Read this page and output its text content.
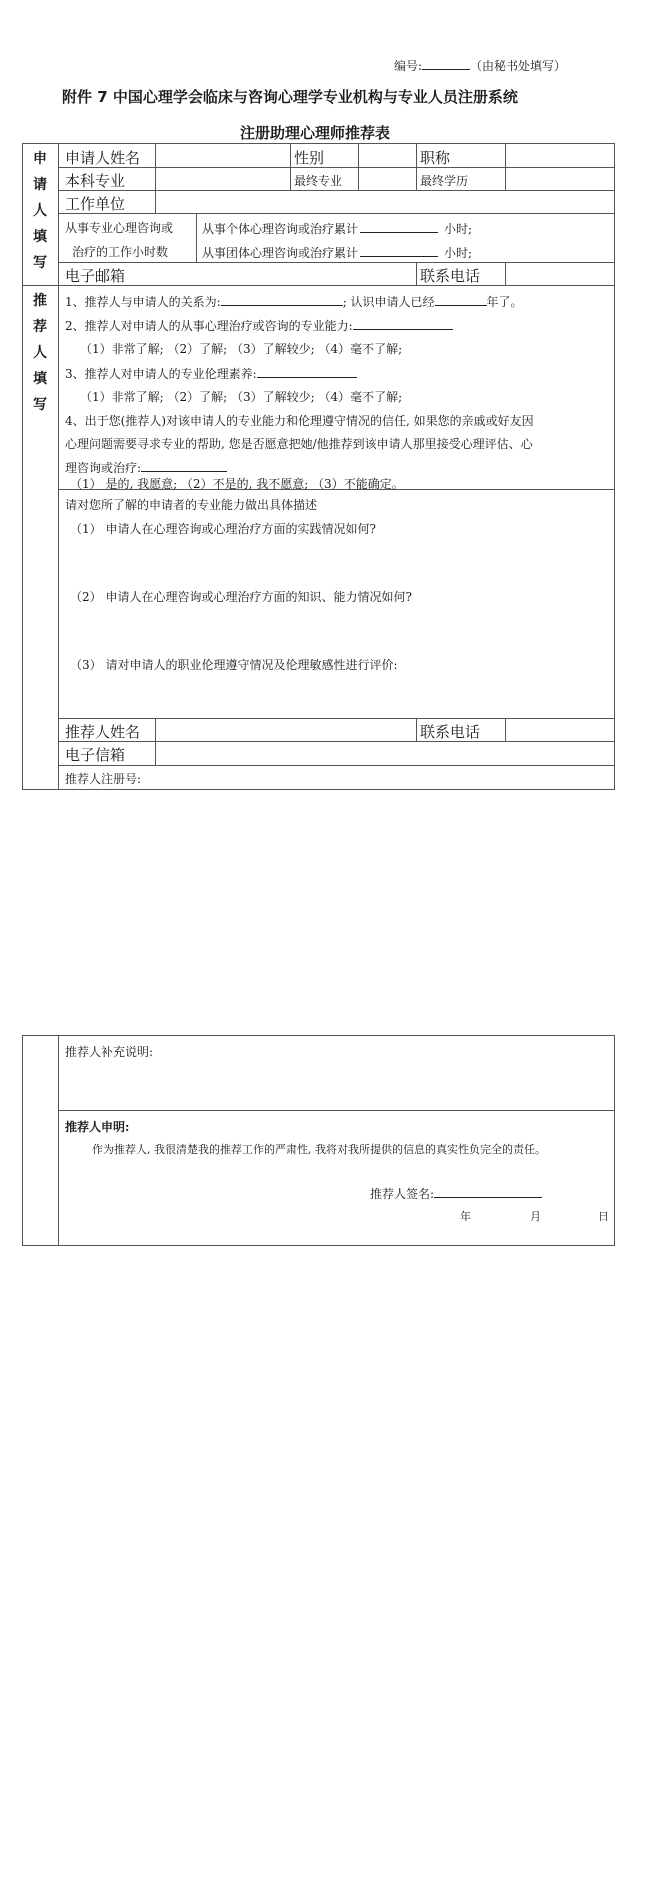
编号:	（由秘书处填写）
附件 7 中国心理学会临床与咨询心理学专业机构与专业人员注册系统
注册助理心理师推荐表
申
请
人
填
写
推
荐
人
填
写
申请人姓名	性别	职称
本科专业	最终专业	最终学历
工作单位
从事专业心理咨询或
治疗的工作小时数
从事个体心理咨询或治疗累计	小时;
从事团体心理咨询或治疗累计	小时;
电子邮箱	联系电话
1、推荐人与申请人的关系为:	; 认识申请人已经	年了。
2、推荐人对申请人的从事心理治疗或咨询的专业能力:
（1）非常了解; （2）了解; （3）了解较少; （4）毫不了解;
3、推荐人对申请人的专业伦理素养:
（1）非常了解; （2）了解; （3）了解较少; （4）毫不了解;
4、出于您(推荐人)对该申请人的专业能力和伦理遵守情况的信任, 如果您的亲戚或好友因
心理问题需要寻求专业的帮助, 您是否愿意把她/他推荐到该申请人那里接受心理评估、心
理咨询或治疗:
（1） 是的, 我愿意; （2）不是的, 我不愿意; （3）不能确定。
请对您所了解的申请者的专业能力做出具体描述
（1） 申请人在心理咨询或心理治疗方面的实践情况如何?
（2） 申请人在心理咨询或心理治疗方面的知识、能力情况如何?
（3） 请对申请人的职业伦理遵守情况及伦理敏感性进行评价:
推荐人姓名	联系电话
电子信箱
推荐人注册号:
推荐人补充说明:
推荐人申明:
作为推荐人, 我很清楚我的推荐工作的严肃性, 我将对我所提供的信息的真实性负完全的责任。
推荐人签名:
年	月	日
